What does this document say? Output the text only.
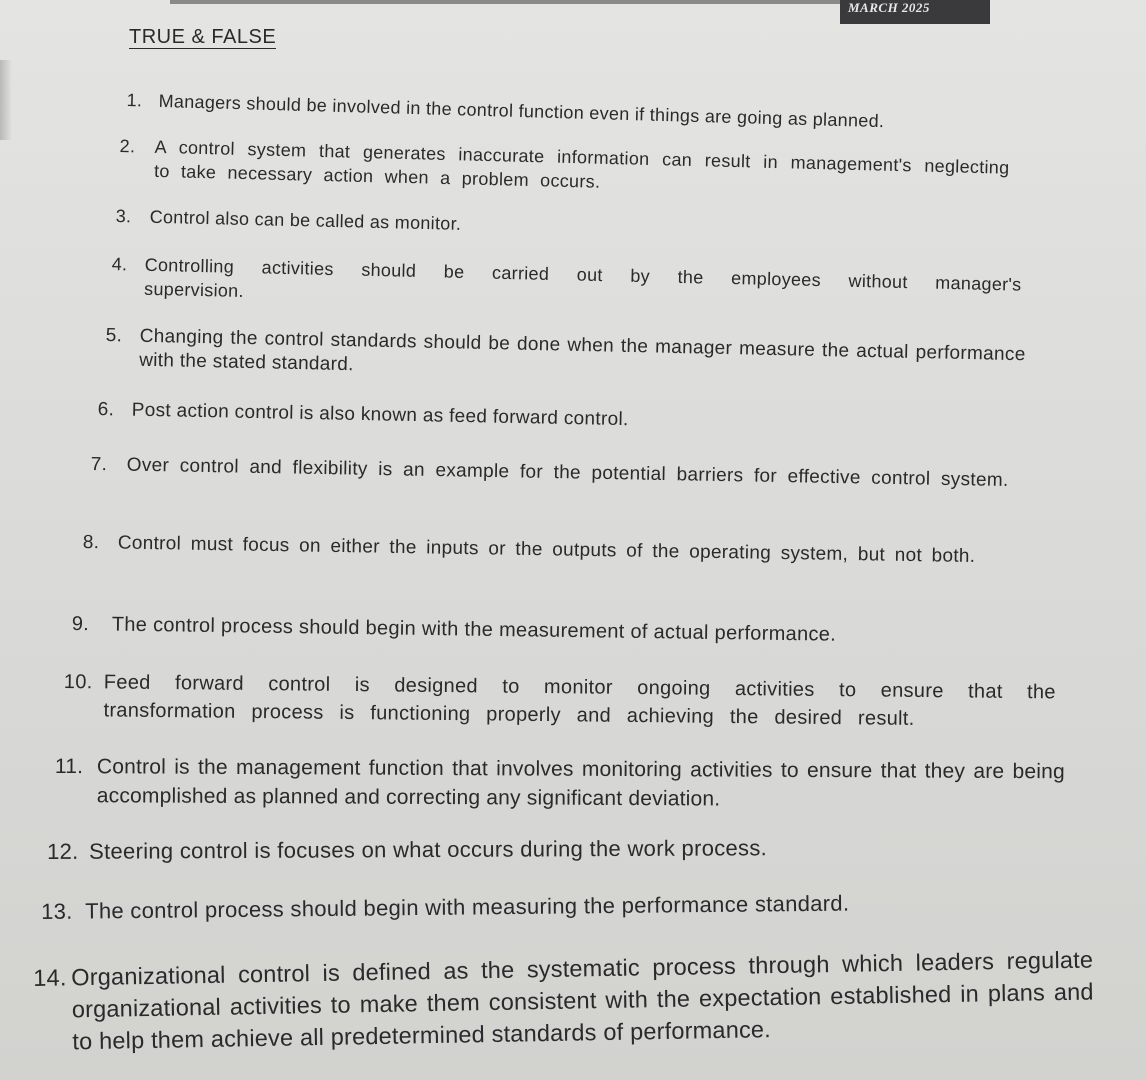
MARCH 2025
TRUE & FALSE
1. Managers should be involved in the control function even if things are going as planned.
2.	A control system that generates inaccurate information can result in management's neglecting to take necessary action when a problem occurs.
3. Control also can be called as monitor.
4. Controlling activities should be carried out by the employees without manager's supervision.
5. Changing the control standards should be done when the manager measure the actual performance with the stated standard.
6. Post action control is also known as feed forward control.
7.	Over control and flexibility is an example for the potential barriers for effective control system.
8. Control must focus on either the inputs or the outputs of the operating system, but not both.
9.	The control process should begin with the measurement of actual performance.
10. Feed forward control is designed to monitor ongoing activities to ensure that the transformation process is functioning properly and achieving the desired result.
11. Control is the management function that involves monitoring activities to ensure that they are being accomplished as planned and correcting any significant deviation.
12. Steering control is focuses on what occurs during the work process.
13. The control process should begin with measuring the performance standard.
14. Organizational control is defined as the systematic process through which leaders regulate organizational activities to make them consistent with the expectation established in plans and to help them achieve all predetermined standards of performance.
